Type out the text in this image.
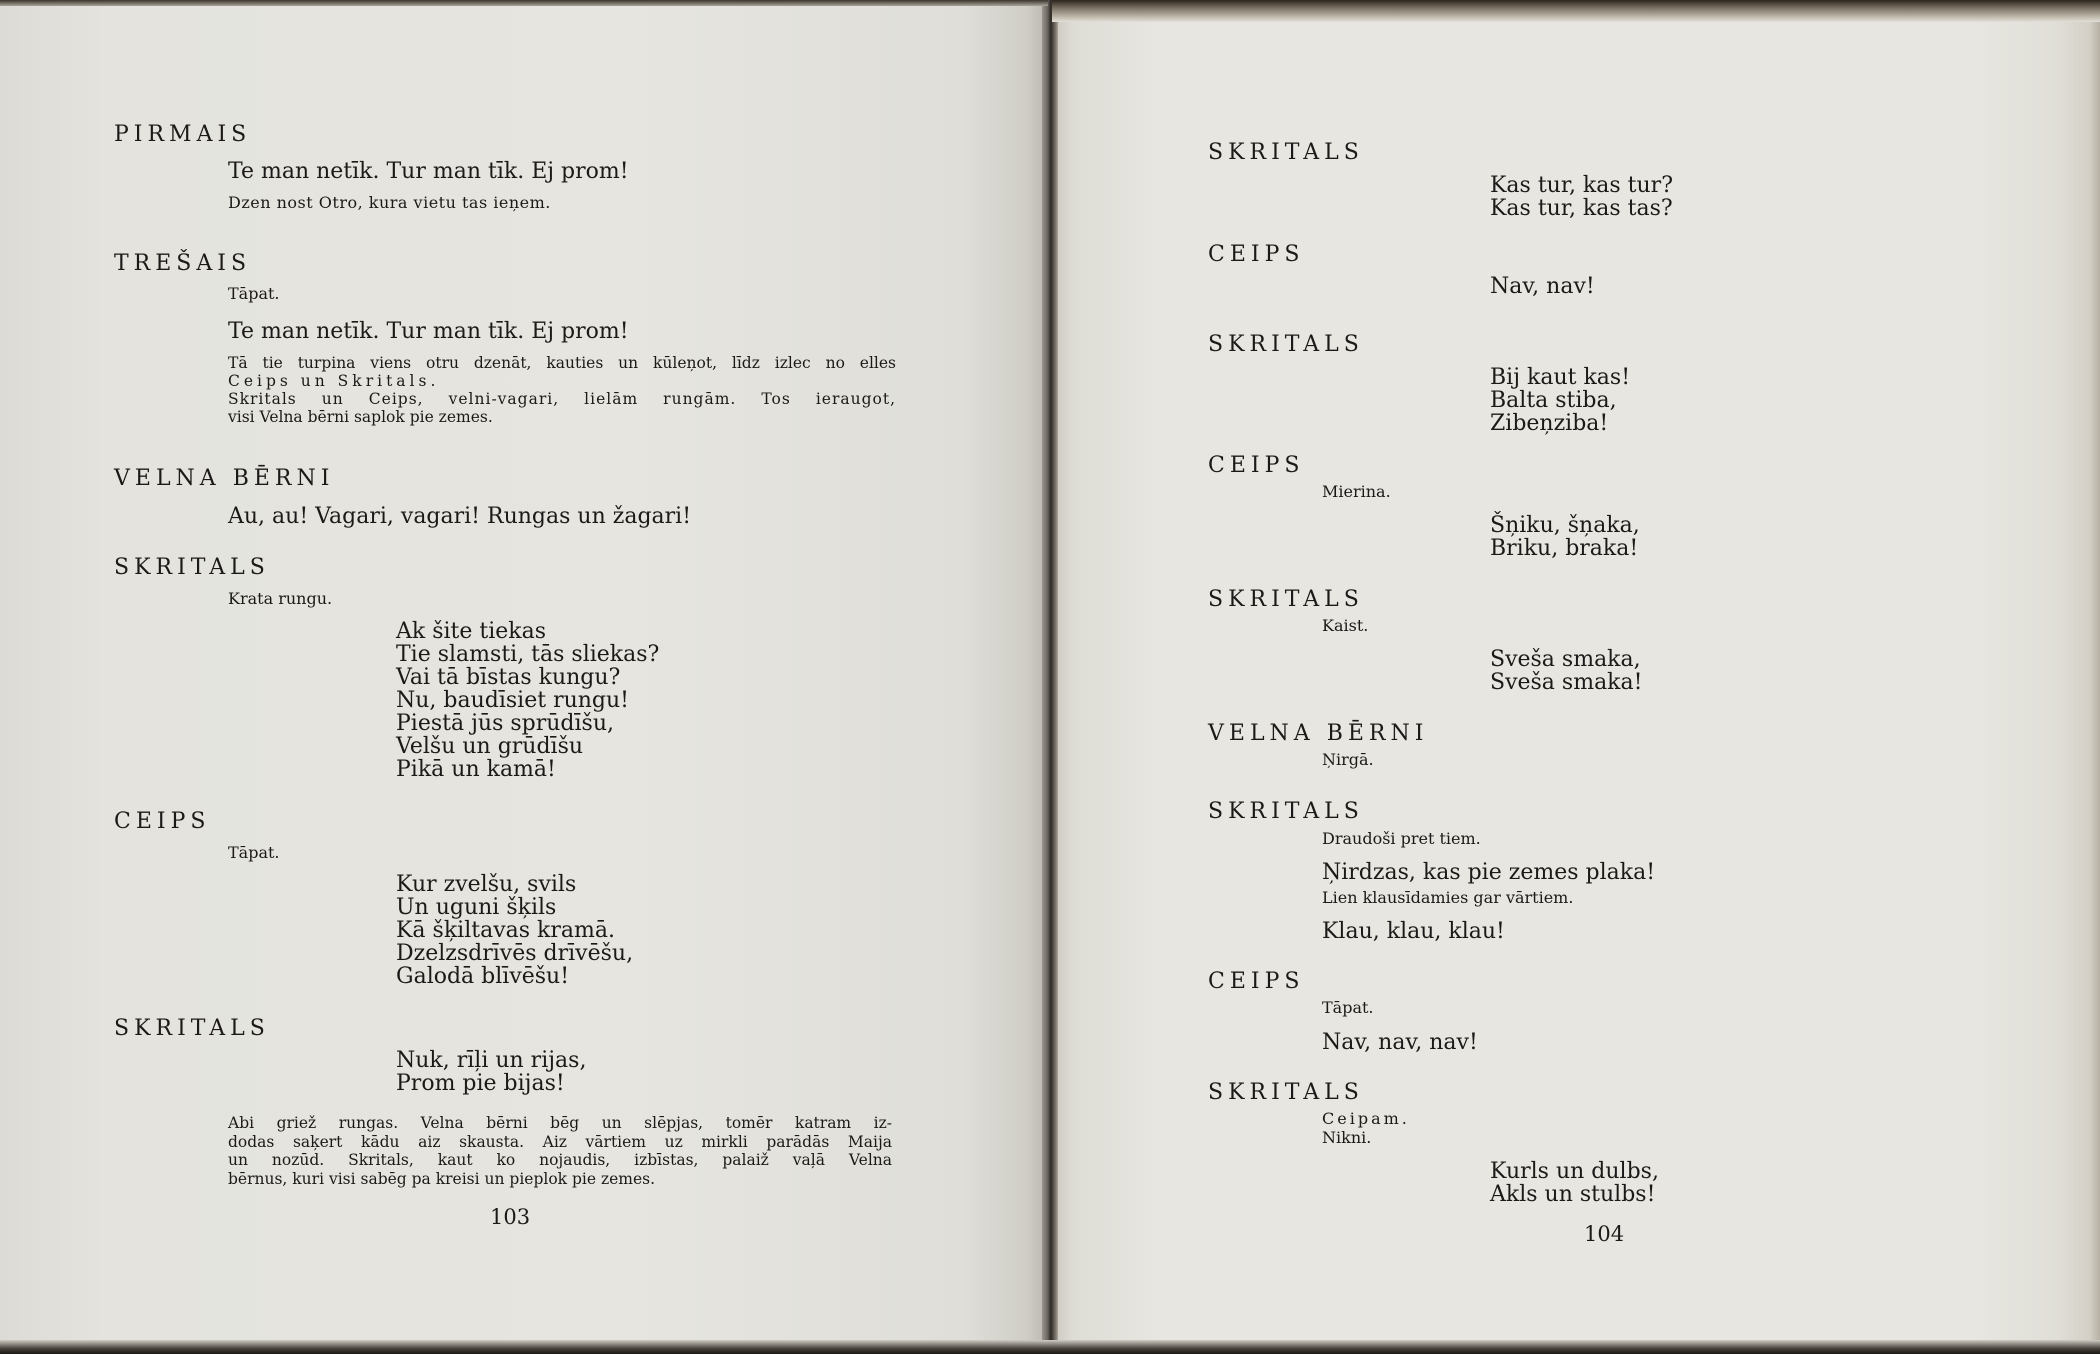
PIRMAIS

Te man netīk. Tur man tīk. Ej prom!

Dzen nost Otro, kura vietu tas ieņem.

TREŠAIS

Tāpat.

Te man netīk. Tur man tīk. Ej prom!

Tā tie turpina viens otru dzenāt, kauties un kūleņot, līdz izlec no elles
Ceips un Skritals.
Skritals un Ceips, velni-vagari, lielām rungām. Tos ieraugot,
visi Velna bērni saplok pie zemes.

VELNA BĒRNI

Au, au! Vagari, vagari! Rungas un žagari!

SKRITALS

Krata rungu.

Ak šite tiekas
Tie slamsti, tās sliekas?
Vai tā bīstas kungu?
Nu, baudīsiet rungu!
Piestā jūs sprūdīšu,
Velšu un grūdīšu
Pikā un kamā!

CEIPS

Tāpat.

Kur zvelšu, svils
Un uguni šķils
Kā šķiltavas kramā.
Dzelzsdrīvēs drīvēšu,
Galodā blīvēšu!

SKRITALS

Nuk, rīļi un rijas,
Prom pie bijas!
Abi griež rungas. Velna bērni bēg un slēpjas, tomēr katram iz-
dodas saķert kādu aiz skausta. Aiz vārtiem uz mirkli parādās Maija
un nozūd. Skritals, kaut ko nojaudis, izbīstas, palaiž vaļā Velna
bērnus, kuri visi sabēg pa kreisi un pieplok pie zemes.

103

SKRITALS

Kas tur, kas tur?
Kas tur, kas tas?

CEIPS

Nav, nav!

SKRITALS

Bij kaut kas!
Balta stiba,
Zibeņziba!

CEIPS

Mierina.

Šņiku, šņaka,
Briku, braka!

SKRITALS

Kaist.

Sveša smaka,
Sveša smaka!

VELNA BĒRNI

Ņirgā.

SKRITALS

Draudoši pret tiem.

Ņirdzas, kas pie zemes plaka!

Lien klausīdamies gar vārtiem.

Klau, klau, klau!

CEIPS

Tāpat.

Nav, nav, nav!

SKRITALS

Ceipam.

Nikni.

Kurls un dulbs,
Akls un stulbs!

104
